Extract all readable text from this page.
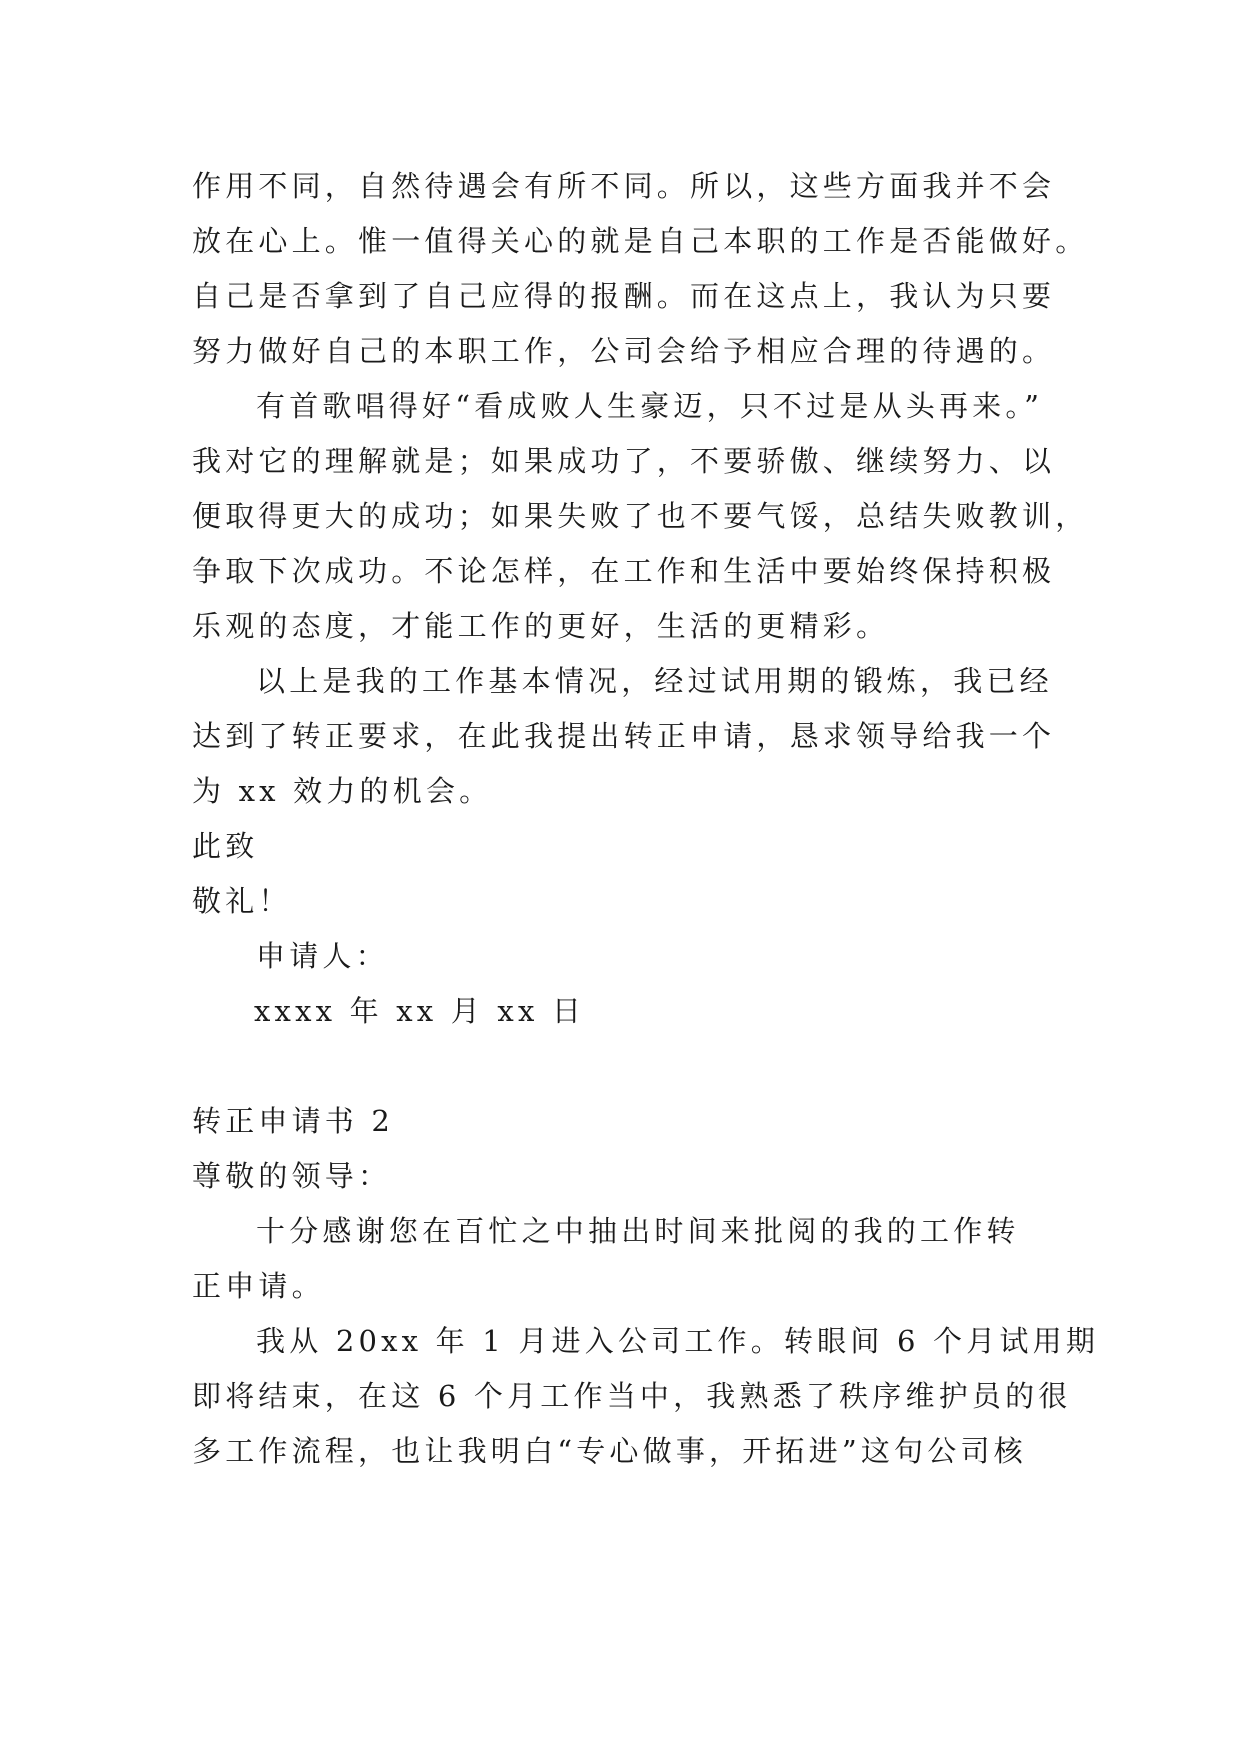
作用不同，自然待遇会有所不同。所以，这些方面我并不会

放在心上。惟一值得关心的就是自己本职的工作是否能做好。

自己是否拿到了自己应得的报酬。而在这点上，我认为只要

努力做好自己的本职工作，公司会给予相应合理的待遇的。

有首歌唱得好“看成败人生豪迈，只不过是从头再来。”

我对它的理解就是；如果成功了，不要骄傲、继续努力、以

便取得更大的成功；如果失败了也不要气馁，总结失败教训，

争取下次成功。不论怎样，在工作和生活中要始终保持积极

乐观的态度，才能工作的更好，生活的更精彩。

以上是我的工作基本情况，经过试用期的锻炼，我已经

达到了转正要求，在此我提出转正申请，恳求领导给我一个

为 xx 效力的机会。

此致

敬礼！

申请人：

xxxx 年 xx 月 xx 日

转正申请书 2

尊敬的领导：

十分感谢您在百忙之中抽出时间来批阅的我的工作转

正申请。

我从 20xx 年 1 月进入公司工作。转眼间 6 个月试用期

即将结束，在这 6 个月工作当中，我熟悉了秩序维护员的很

多工作流程，也让我明白“专心做事，开拓进”这句公司核
